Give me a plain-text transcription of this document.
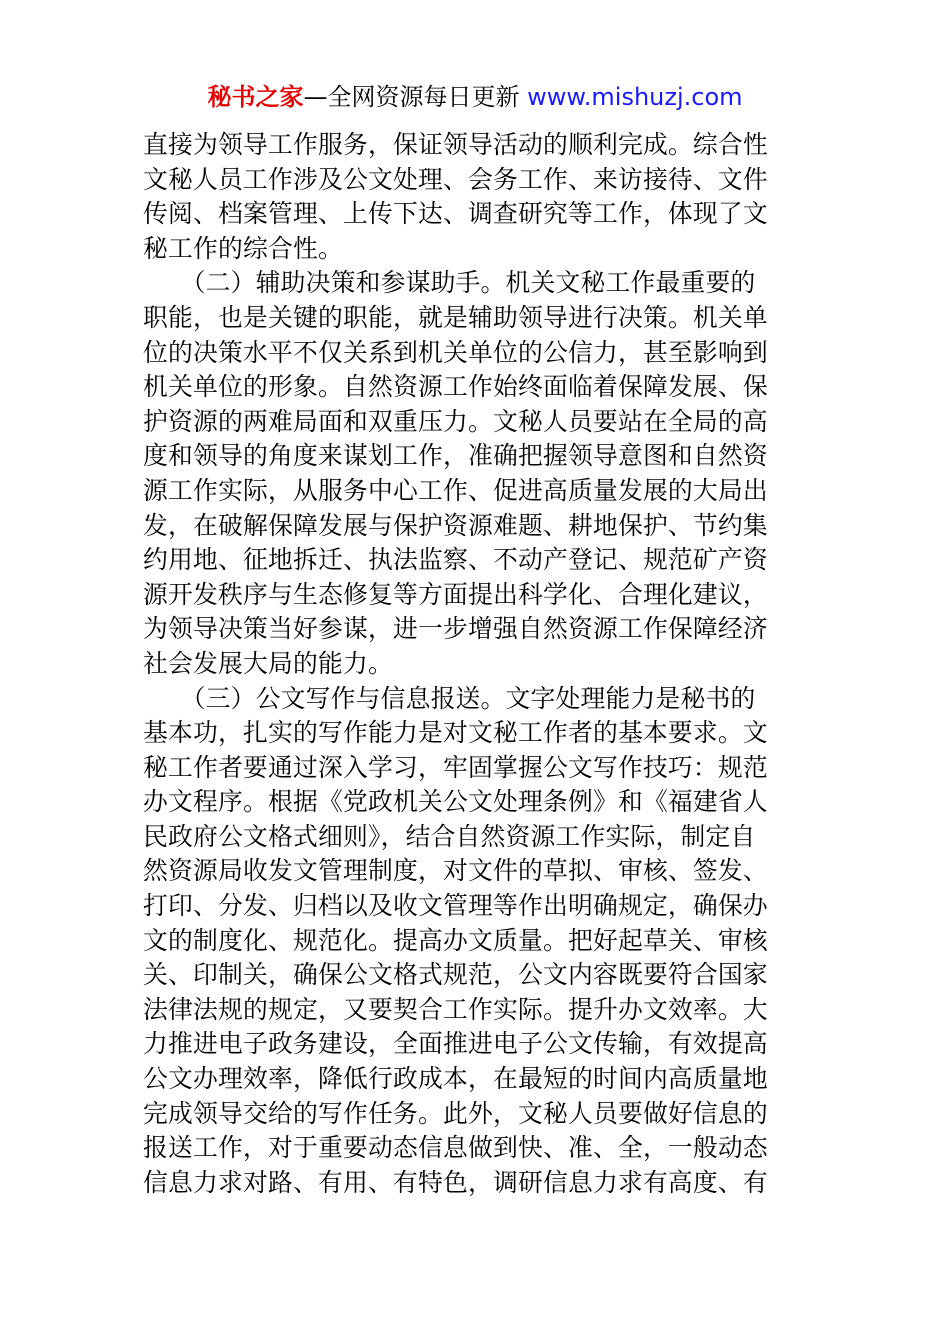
秘书之家—全网资源每日更新 www.mishuzj.com
直接为领导工作服务，保证领导活动的顺利完成。综合性
文秘人员工作涉及公文处理、会务工作、来访接待、文件
传阅、档案管理、上传下达、调查研究等工作，体现了文
秘工作的综合性。
　　（二）辅助决策和参谋助手。机关文秘工作最重要的
职能，也是关键的职能，就是辅助领导进行决策。机关单
位的决策水平不仅关系到机关单位的公信力，甚至影响到
机关单位的形象。自然资源工作始终面临着保障发展、保
护资源的两难局面和双重压力。文秘人员要站在全局的高
度和领导的角度来谋划工作，准确把握领导意图和自然资
源工作实际，从服务中心工作、促进高质量发展的大局出
发，在破解保障发展与保护资源难题、耕地保护、节约集
约用地、征地拆迁、执法监察、不动产登记、规范矿产资
源开发秩序与生态修复等方面提出科学化、合理化建议，
为领导决策当好参谋，进一步增强自然资源工作保障经济
社会发展大局的能力。
　　（三）公文写作与信息报送。文字处理能力是秘书的
基本功，扎实的写作能力是对文秘工作者的基本要求。文
秘工作者要通过深入学习，牢固掌握公文写作技巧：规范
办文程序。根据《党政机关公文处理条例》和《福建省人
民政府公文格式细则》，结合自然资源工作实际，制定自
然资源局收发文管理制度，对文件的草拟、审核、签发、
打印、分发、归档以及收文管理等作出明确规定，确保办
文的制度化、规范化。提高办文质量。把好起草关、审核
关、印制关，确保公文格式规范，公文内容既要符合国家
法律法规的规定，又要契合工作实际。提升办文效率。大
力推进电子政务建设，全面推进电子公文传输，有效提高
公文办理效率，降低行政成本，在最短的时间内高质量地
完成领导交给的写作任务。此外，文秘人员要做好信息的
报送工作，对于重要动态信息做到快、准、全，一般动态
信息力求对路、有用、有特色，调研信息力求有高度、有
